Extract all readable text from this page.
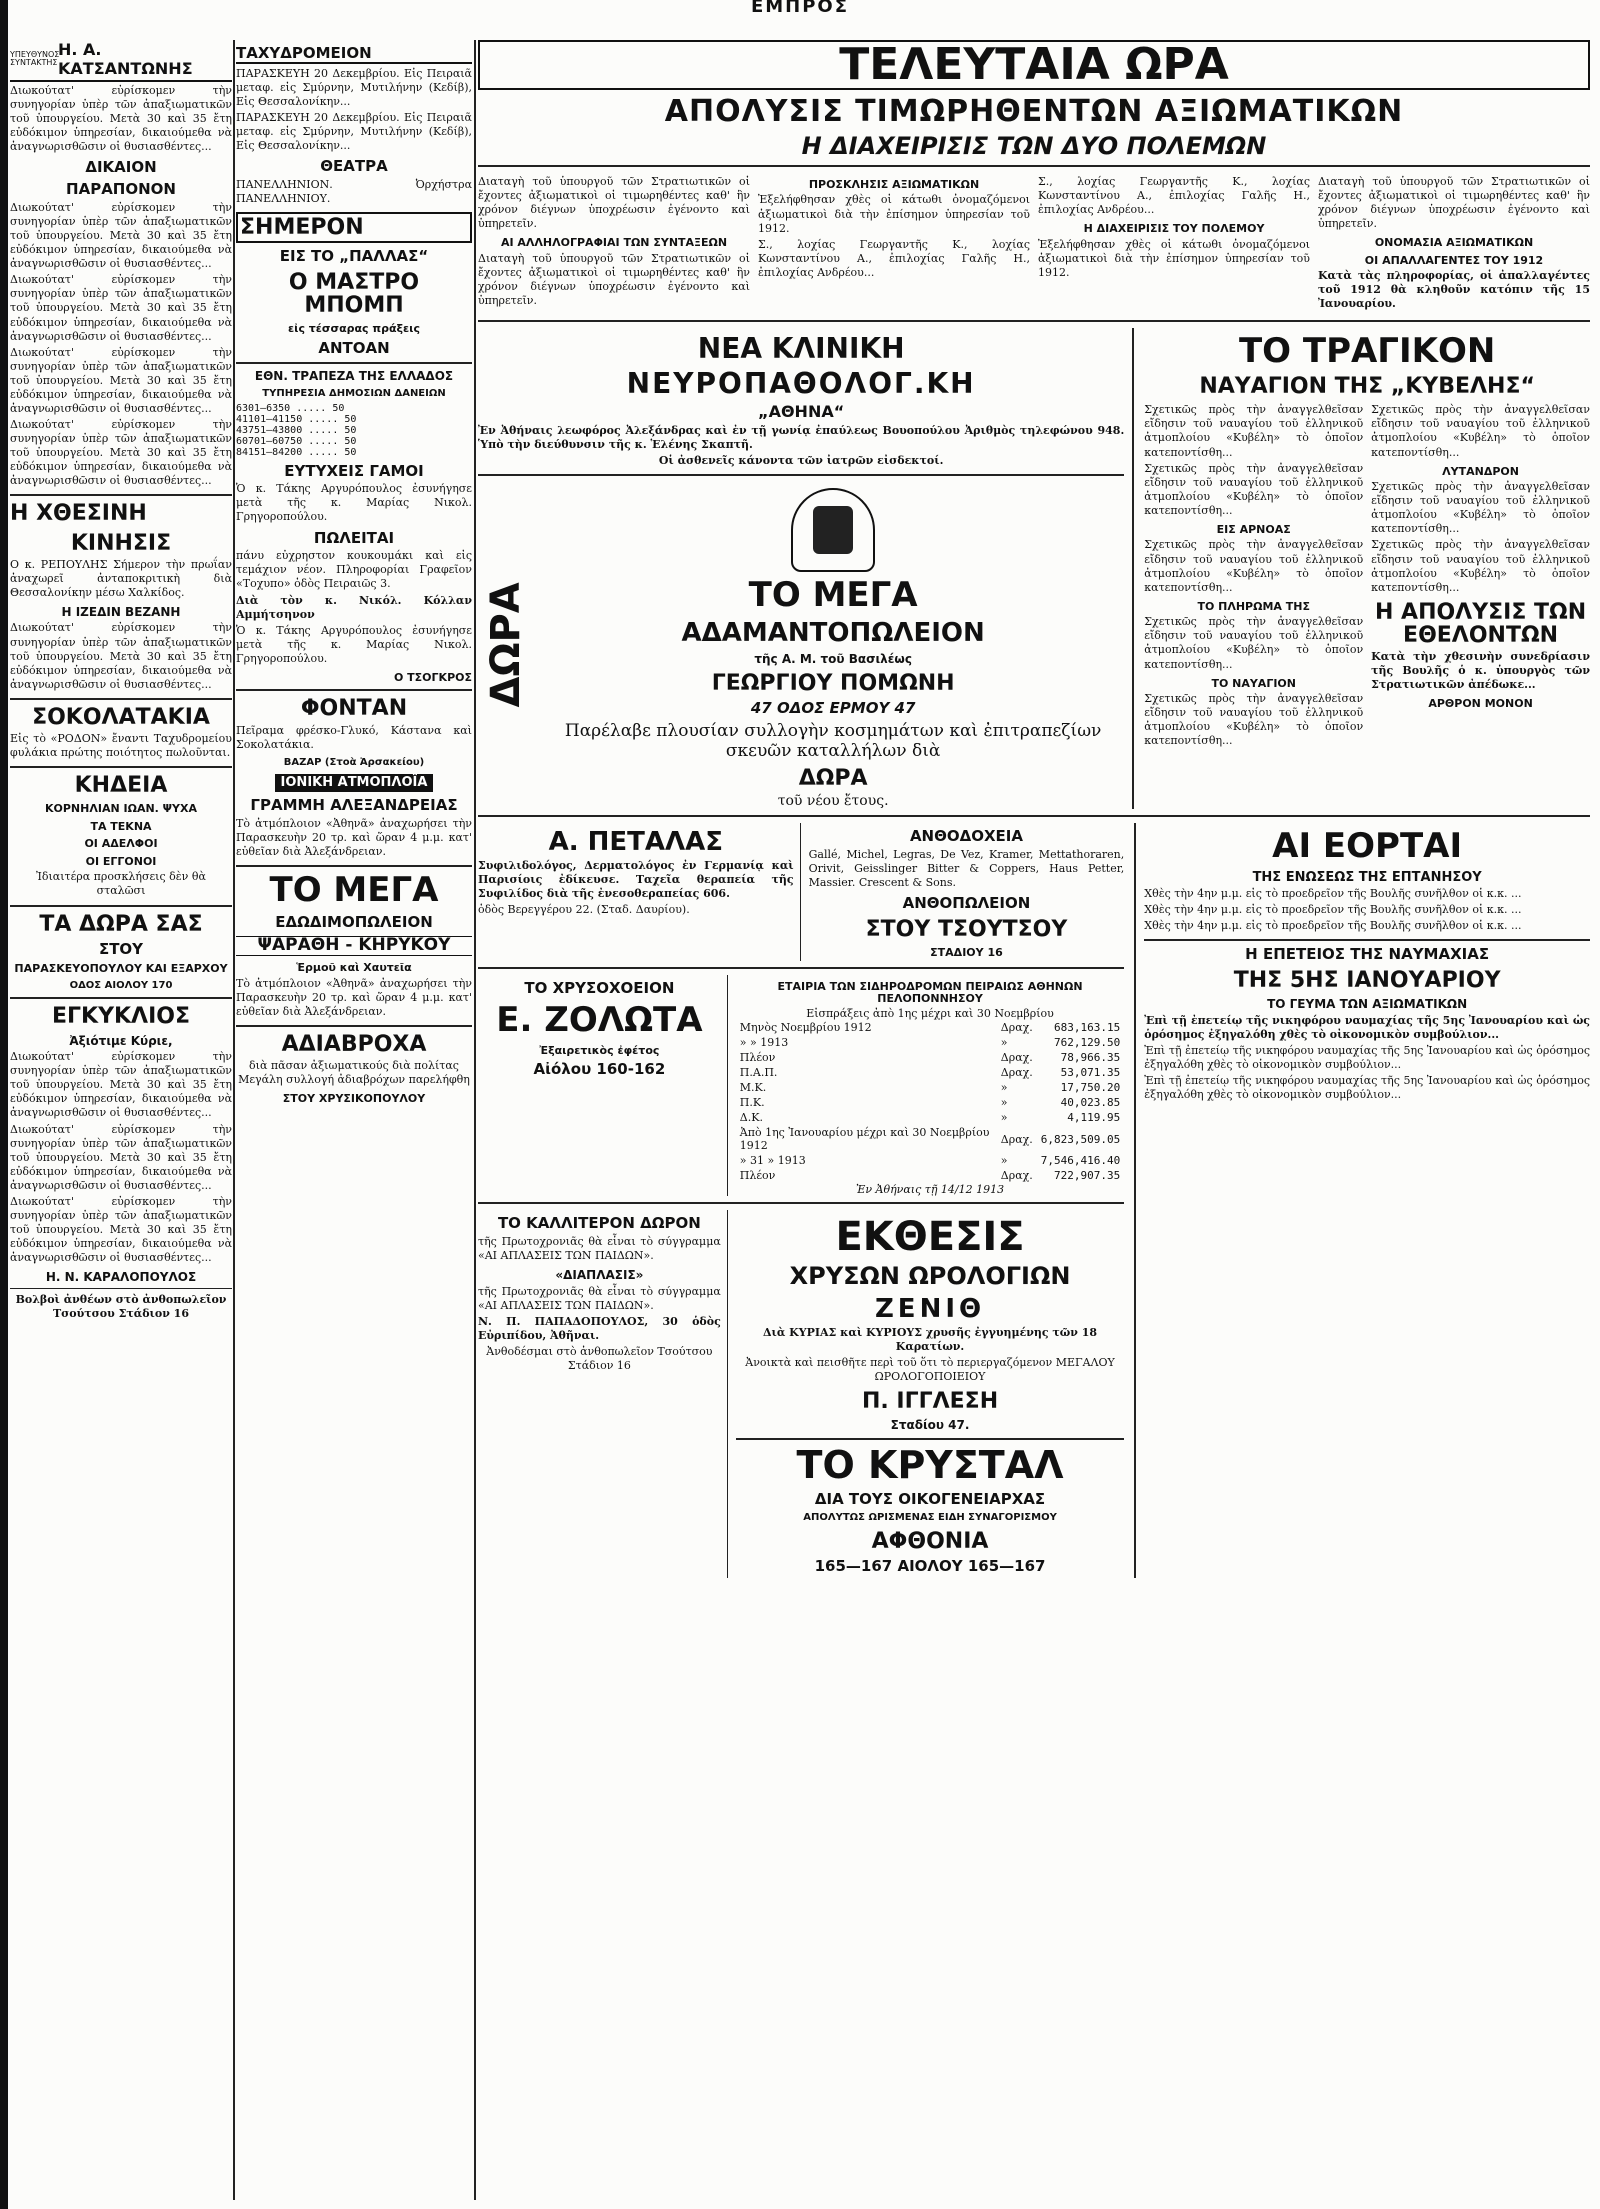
ΕΜΠΡΟΣ
ΥΠΕΥΘΥΝΟΣ ΣΥΝΤΑΚΤΗΣ
Η. Α. ΚΑΤΣΑΝΤΩΝΗΣ

Διωκούτατ' εὐρίσκομεν τὴν συνηγορίαν ὑπὲρ τῶν ἀπαξιωματικῶν τοῦ ὑπουργείου. Μετὰ 30 καὶ 35 ἔτη εὐδόκιμον ὑπηρεσίαν, δικαιούμεθα νὰ ἀναγνωρισθῶσιν οἱ θυσιασθέντες...

ΔΙΚΑΙΟΝ
ΠΑΡΑΠΟΝΟΝ

Διωκούτατ' εὐρίσκομεν τὴν συνηγορίαν ὑπὲρ τῶν ἀπαξιωματικῶν τοῦ ὑπουργείου. Μετὰ 30 καὶ 35 ἔτη εὐδόκιμον ὑπηρεσίαν, δικαιούμεθα νὰ ἀναγνωρισθῶσιν οἱ θυσιασθέντες...

Διωκούτατ' εὐρίσκομεν τὴν συνηγορίαν ὑπὲρ τῶν ἀπαξιωματικῶν τοῦ ὑπουργείου. Μετὰ 30 καὶ 35 ἔτη εὐδόκιμον ὑπηρεσίαν, δικαιούμεθα νὰ ἀναγνωρισθῶσιν οἱ θυσιασθέντες...

Διωκούτατ' εὐρίσκομεν τὴν συνηγορίαν ὑπὲρ τῶν ἀπαξιωματικῶν τοῦ ὑπουργείου. Μετὰ 30 καὶ 35 ἔτη εὐδόκιμον ὑπηρεσίαν, δικαιούμεθα νὰ ἀναγνωρισθῶσιν οἱ θυσιασθέντες...

Διωκούτατ' εὐρίσκομεν τὴν συνηγορίαν ὑπὲρ τῶν ἀπαξιωματικῶν τοῦ ὑπουργείου. Μετὰ 30 καὶ 35 ἔτη εὐδόκιμον ὑπηρεσίαν, δικαιούμεθα νὰ ἀναγνωρισθῶσιν οἱ θυσιασθέντες...

Η ΧΘΕΣΙΝΗ
ΚΙΝΗΣΙΣ

Ο κ. ΡΕΠΟΥΛΗΣ Σήμερον τὴν πρωΐαν ἀναχωρεῖ ἀνταποκριτικὴ διὰ Θεσσαλονίκην μέσω Χαλκίδος.

Η ΙΖΕΔΙΝ ΒΕΖΑΝΗ

Διωκούτατ' εὐρίσκομεν τὴν συνηγορίαν ὑπὲρ τῶν ἀπαξιωματικῶν τοῦ ὑπουργείου. Μετὰ 30 καὶ 35 ἔτη εὐδόκιμον ὑπηρεσίαν, δικαιούμεθα νὰ ἀναγνωρισθῶσιν οἱ θυσιασθέντες...

ΣΟΚΟΛΑΤΑΚΙΑ

Εἰς τὸ «ΡΟΔΟΝ» ἔναντι Ταχυδρομείου φυλάκια πρώτης ποιότητος πωλοῦνται.

ΚΗΔΕΙΑ
ΚΟΡΝΗΛΙΑΝ ΙΩΑΝ. ΨΥΧΑ
ΤΑ ΤΕΚΝΑ
ΟΙ ΑΔΕΛΦΟΙ
ΟΙ ΕΓΓΟΝΟΙ

Ἰδιαιτέρα προσκλήσεις δὲν θὰ σταλῶσι

ΤΑ ΔΩΡΑ ΣΑΣ
ΣΤΟΥ
ΠΑΡΑΣΚΕΥΟΠΟΥΛΟΥ ΚΑΙ ΕΞΑΡΧΟΥ
ΟΔΟΣ ΑΙΟΛΟΥ 170
ΕΓΚΥΚΛΙΟΣ
Ἀξιότιμε Κύριε,

Διωκούτατ' εὐρίσκομεν τὴν συνηγορίαν ὑπὲρ τῶν ἀπαξιωματικῶν τοῦ ὑπουργείου. Μετὰ 30 καὶ 35 ἔτη εὐδόκιμον ὑπηρεσίαν, δικαιούμεθα νὰ ἀναγνωρισθῶσιν οἱ θυσιασθέντες...

Διωκούτατ' εὐρίσκομεν τὴν συνηγορίαν ὑπὲρ τῶν ἀπαξιωματικῶν τοῦ ὑπουργείου. Μετὰ 30 καὶ 35 ἔτη εὐδόκιμον ὑπηρεσίαν, δικαιούμεθα νὰ ἀναγνωρισθῶσιν οἱ θυσιασθέντες...

Διωκούτατ' εὐρίσκομεν τὴν συνηγορίαν ὑπὲρ τῶν ἀπαξιωματικῶν τοῦ ὑπουργείου. Μετὰ 30 καὶ 35 ἔτη εὐδόκιμον ὑπηρεσίαν, δικαιούμεθα νὰ ἀναγνωρισθῶσιν οἱ θυσιασθέντες...

Η. Ν. ΚΑΡΑΛΟΠΟΥΛΟΣ

Βολβοὶ ἀνθέων στὸ ἀνθοπωλεῖον Τσούτσου Στάδιον 16

ΤΑΧΥΔΡΟΜΕΙΟΝ

ΠΑΡΑΣΚΕΥΗ 20 Δεκεμβρίου. Εἰς Πειραιᾶ μεταφ. εἰς Σμύρνην, Μυτιλήνην (Κεδίβ), Εἰς Θεσσαλονίκην...

ΠΑΡΑΣΚΕΥΗ 20 Δεκεμβρίου. Εἰς Πειραιᾶ μεταφ. εἰς Σμύρνην, Μυτιλήνην (Κεδίβ), Εἰς Θεσσαλονίκην...

ΘΕΑΤΡΑ

ΠΑΝΕΛΛΗΝΙΟΝ. Ὀρχήστρα ΠΑΝΕΛΛΗΝΙΟΥ.

ΣΗΜΕΡΟΝ
ΕΙΣ ΤΟ „ΠΑΛΛΑΣ“
Ο ΜΑΣΤΡΟ ΜΠΟΜΠ
εἰς τέσσαρας πράξεις
ΑΝΤΟΑΝ
ΕΘΝ. ΤΡΑΠΕΖΑ ΤΗΣ ΕΛΛΑΔΟΣ
ΤΥΠΗΡΕΣΙΑ ΔΗΜΟΣΙΩΝ ΔΑΝΕΙΩΝ
6301—6350 ..... 50
41101—41150 ..... 50
43751—43800 ..... 50
60701—60750 ..... 50
84151—84200 ..... 50
ΕΥΤΥΧΕΙΣ ΓΑΜΟΙ

Ὁ κ. Τάκης Αργυρόπουλος ἐσυνήγησε μετὰ τῆς κ. Μαρίας Νικολ. Γρηγοροπούλου.

ΠΩΛΕΙΤΑΙ

πάνυ εὐχρηστον κουκουμάκι καὶ εἰς τεμάχιον νέον. Πληροφορίαι Γραφεῖον «Τοχυπο» ὁδὸς Πειραιῶς 3.

Διὰ τὸν κ. Νικόλ. Κόλλαν Αμμήτσηνον

Ὁ κ. Τάκης Αργυρόπουλος ἐσυνήγησε μετὰ τῆς κ. Μαρίας Νικολ. Γρηγοροπούλου.

Ο ΤΣΟΓΚΡΟΣ
ΦΟΝΤΑΝ

Πεῖραμα φρέσκο-Γλυκό, Κάστανα καὶ Σοκολατάκια.

ΒΑΖΑΡ (Στοὰ Ἀρσακείου)
ΙΟΝΙΚΗ ΑΤΜΟΠΛΟΪΑ
ΓΡΑΜΜΗ ΑΛΕΞΑΝΔΡΕΙΑΣ

Τὸ ἀτμόπλοιον «Ἀθηνᾶ» ἀναχωρήσει τὴν Παρασκευὴν 20 τρ. καὶ ὥραν 4 μ.μ. κατ' εὐθεῖαν διὰ Ἀλεξάνδρειαν.

ΤΟ ΜΕΓΑ
ΕΔΩΔΙΜΟΠΩΛΕΙΟΝ
ΨΑΡΑΘΗ - ΚΗΡΥΚΟΥ
Ἑρμοῦ καὶ Χαυτεῖα

Τὸ ἀτμόπλοιον «Ἀθηνᾶ» ἀναχωρήσει τὴν Παρασκευὴν 20 τρ. καὶ ὥραν 4 μ.μ. κατ' εὐθεῖαν διὰ Ἀλεξάνδρειαν.

ΑΔΙΑΒΡΟΧΑ

διὰ πᾶσαν ἀξιωματικούς διὰ πολίτας Μεγάλη συλλογή ἀδιαβρόχων παρελήφθη

ΣΤΟΥ ΧΡΥΣΙΚΟΠΟΥΛΟΥ
ΤΕΛΕΥΤΑΙΑ ΩΡΑ
ΑΠΟΛΥΣΙΣ ΤΙΜΩΡΗΘΕΝΤΩΝ ΑΞΙΩΜΑΤΙΚΩΝ
Η ΔΙΑΧΕΙΡΙΣΙΣ ΤΩΝ ΔΥΟ ΠΟΛΕΜΩΝ

Διαταγὴ τοῦ ὑπουργοῦ τῶν Στρατιωτικῶν οἱ ἔχοντες ἀξιωματικοὶ οἱ τιμωρηθέντες καθ' ἣν χρόνον διέγνων ὑποχρέωσιν ἐγένοντο καὶ ὑπηρετεῖν.

ΑΙ ΑΛΛΗΛΟΓΡΑΦΙΑΙ ΤΩΝ ΣΥΝΤΑΞΕΩΝ

Διαταγὴ τοῦ ὑπουργοῦ τῶν Στρατιωτικῶν οἱ ἔχοντες ἀξιωματικοὶ οἱ τιμωρηθέντες καθ' ἣν χρόνον διέγνων ὑποχρέωσιν ἐγένοντο καὶ ὑπηρετεῖν.

ΠΡΟΣΚΛΗΣΙΣ ΑΞΙΩΜΑΤΙΚΩΝ

Ἐξελήφθησαν χθὲς οἱ κάτωθι ὀνομαζόμενοι ἀξιωματικοὶ διὰ τὴν ἐπίσημον ὑπηρεσίαν τοῦ 1912.

Σ., λοχίας Γεωργαντῆς Κ., λοχίας Κωνσταντίνου Α., ἐπιλοχίας Γαλῆς Η., ἐπιλοχίας Ανδρέου...

Σ., λοχίας Γεωργαντῆς Κ., λοχίας Κωνσταντίνου Α., ἐπιλοχίας Γαλῆς Η., ἐπιλοχίας Ανδρέου...

Η ΔΙΑΧΕΙΡΙΣΙΣ ΤΟΥ ΠΟΛΕΜΟΥ

Ἐξελήφθησαν χθὲς οἱ κάτωθι ὀνομαζόμενοι ἀξιωματικοὶ διὰ τὴν ἐπίσημον ὑπηρεσίαν τοῦ 1912.

Διαταγὴ τοῦ ὑπουργοῦ τῶν Στρατιωτικῶν οἱ ἔχοντες ἀξιωματικοὶ οἱ τιμωρηθέντες καθ' ἣν χρόνον διέγνων ὑποχρέωσιν ἐγένοντο καὶ ὑπηρετεῖν.

ΟΝΟΜΑΣΙΑ ΑΞΙΩΜΑΤΙΚΩΝ
ΟΙ ΑΠΑΛΛΑΓΕΝΤΕΣ ΤΟΥ 1912

Κατὰ τὰς πληροφορίας, οἱ ἀπαλλαγέντες τοῦ 1912 θὰ κληθοῦν κατόπιν τῆς 15 Ἰανουαρίου.

ΝΕΑ ΚΛΙΝΙΚΗ
ΝΕΥΡΟΠΑΘΟΛΟΓ.ΚΗ
„ΑΘΗΝΑ“

Ἐν Ἀθήναις λεωφόρος Ἀλεξάνδρας καὶ ἐν τῇ γωνίᾳ ἐπαύλεως Βουοπούλου Ἀριθμὸς τηλεφώνου 948. Ὑπὸ τὴν διεύθυνσιν τῆς κ. Ἑλένης Σκαπτῆ.

Οἱ ἀσθενεῖς κάνοντα τῶν ἰατρῶν εἰσδεκτοί.

ΔΩΡΑ	ΤΟ ΜΕΓΑ
ΑΔΑΜΑΝΤΟΠΩΛΕΙΟΝ
τῆς Α. Μ. τοῦ Βασιλέως
ΓΕΩΡΓΙΟΥ ΠΟΜΩΝΗ
47 ΟΔΟΣ ΕΡΜΟΥ 47

Παρέλαβε πλουσίαν συλλογὴν κοσμημάτων καὶ ἐπιτραπεζίων σκευῶν καταλλήλων διὰ

ΔΩΡΑ
τοῦ νέου ἔτους.
ΤΟ ΤΡΑΓΙΚΟΝ
ΝΑΥΑΓΙΟΝ ΤΗΣ „ΚΥΒΕΛΗΣ“

Σχετικῶς πρὸς τὴν ἀναγγελθεῖσαν εἴδησιν τοῦ ναυαγίου τοῦ ἐλληνικοῦ ἀτμοπλοίου «Κυβέλη» τὸ ὁποῖον κατεποντίσθη...

Σχετικῶς πρὸς τὴν ἀναγγελθεῖσαν εἴδησιν τοῦ ναυαγίου τοῦ ἐλληνικοῦ ἀτμοπλοίου «Κυβέλη» τὸ ὁποῖον κατεποντίσθη...

ΕΙΣ ΑΡΝΟΑΣ

Σχετικῶς πρὸς τὴν ἀναγγελθεῖσαν εἴδησιν τοῦ ναυαγίου τοῦ ἐλληνικοῦ ἀτμοπλοίου «Κυβέλη» τὸ ὁποῖον κατεποντίσθη...

ΤΟ ΠΛΗΡΩΜΑ ΤΗΣ

Σχετικῶς πρὸς τὴν ἀναγγελθεῖσαν εἴδησιν τοῦ ναυαγίου τοῦ ἐλληνικοῦ ἀτμοπλοίου «Κυβέλη» τὸ ὁποῖον κατεποντίσθη...

ΤΟ ΝΑΥΑΓΙΟΝ

Σχετικῶς πρὸς τὴν ἀναγγελθεῖσαν εἴδησιν τοῦ ναυαγίου τοῦ ἐλληνικοῦ ἀτμοπλοίου «Κυβέλη» τὸ ὁποῖον κατεποντίσθη...

Σχετικῶς πρὸς τὴν ἀναγγελθεῖσαν εἴδησιν τοῦ ναυαγίου τοῦ ἐλληνικοῦ ἀτμοπλοίου «Κυβέλη» τὸ ὁποῖον κατεποντίσθη...

ΛΥΤΑΝΔΡΟΝ

Σχετικῶς πρὸς τὴν ἀναγγελθεῖσαν εἴδησιν τοῦ ναυαγίου τοῦ ἐλληνικοῦ ἀτμοπλοίου «Κυβέλη» τὸ ὁποῖον κατεποντίσθη...

Σχετικῶς πρὸς τὴν ἀναγγελθεῖσαν εἴδησιν τοῦ ναυαγίου τοῦ ἐλληνικοῦ ἀτμοπλοίου «Κυβέλη» τὸ ὁποῖον κατεποντίσθη...

Η ΑΠΟΛΥΣΙΣ ΤΩΝ ΕΘΕΛΟΝΤΩΝ

Κατὰ τὴν χθεσινὴν συνεδρίασιν τῆς Βουλῆς ὁ κ. ὑπουργὸς τῶν Στρατιωτικῶν ἀπέδωκε...

ΑΡΘΡΟΝ ΜΟΝΟΝ
Α. ΠΕΤΑΛΑΣ

Συφιλιδολόγος, Δερματολόγος ἐν Γερμανίᾳ καὶ Παρισίοις ἐδίκευσε. Ταχεῖα θεραπεία τῆς Συφιλίδος διὰ τῆς ἐνεσοθεραπείας 606.

ὁδὸς Βερεγγέρου 22. (Σταδ. Δαυρίου).

ΑΝΘΟΔΟΧΕΙΑ

Gallé, Michel, Legras, De Vez, Kramer, Mettathoraren, Orivit, Geisslinger Bitter & Coppers, Haus Petter, Massier. Crescent & Sons.

ΑΝΘΟΠΩΛΕΙΟΝ
ΣΤΟΥ ΤΣΟΥΤΣΟΥ
ΣΤΑΔΙΟΥ 16
ΤΟ ΧΡΥΣΟΧΟΕΙΟΝ
Ε. ΖΟΛΩΤΑ
Ἐξαιρετικὸς ἐφέτος
Αἰόλου 160-162
ΕΤΑΙΡΙΑ ΤΩΝ ΣΙΔΗΡΟΔΡΟΜΩΝ ΠΕΙΡΑΙΩΣ ΑΘΗΝΩΝ ΠΕΛΟΠΟΝΝΗΣΟΥ
Εἰσπράξεις ἀπὸ 1ης μέχρι καὶ 30 Νοεμβρίου
Μηνὸς Νοεμβρίου 1912	Δραχ.	683,163.15
» » 1913	»	762,129.50
Πλέον	Δραχ.	78,966.35
Π.Α.Π.	Δραχ.	53,071.35
Μ.Κ.	»	17,750.20
Π.Κ.	»	40,023.85
Δ.Κ.	»	4,119.95
Ἀπὸ 1ης Ἰανουαρίου μέχρι καὶ 30 Νοεμβρίου 1912	Δραχ.	6,823,509.05
» 31 » 1913	»	7,546,416.40
Πλέον	Δραχ.	722,907.35
Ἐν Ἀθήναις τῇ 14/12 1913
ΤΟ ΚΑΛΛΙΤΕΡΟΝ ΔΩΡΟΝ

τῆς Πρωτοχρονιᾶς θὰ εἶναι τὸ σύγγραμμα «ΑΙ ΑΠΛΑΣΕΙΣ ΤΩΝ ΠΑΙΔΩΝ».

«ΔΙΑΠΛΑΣΙΣ»

τῆς Πρωτοχρονιᾶς θὰ εἶναι τὸ σύγγραμμα «ΑΙ ΑΠΛΑΣΕΙΣ ΤΩΝ ΠΑΙΔΩΝ».

Ν. Π. ΠΑΠΑΔΟΠΟΥΛΟΣ, 30 ὁδὸς Εὐριπίδου, Ἀθῆναι.

Ἀνθοδέσμαι στὸ ἀνθοπωλεῖον Τσούτσου Στάδιον 16

ΕΚΘΕΣΙΣ
ΧΡΥΣΩΝ ΩΡΟΛΟΓΙΩΝ
ΖΕΝΙΘ

Διὰ ΚΥΡΙΑΣ καὶ ΚΥΡΙΟΥΣ χρυσῆς ἐγγυημένης τῶν 18 Καρατίων.

Ἀνοικτὰ καὶ πεισθῆτε περὶ τοῦ ὅτι τὸ περιεργαζόμενον ΜΕΓΑΛΟΥ ΩΡΟΛΟΓΟΠΟΙΕΙΟΥ

Π. ΙΓΓΛΕΣΗ
Σταδίου 47.
ΤΟ ΚΡΥΣΤΑΛ
ΔΙΑ ΤΟΥΣ ΟΙΚΟΓΕΝΕΙΑΡΧΑΣ
ΑΠΟΛΥΤΩΣ ΩΡΙΣΜΕΝΑΣ ΕΙΔΗ ΣΥΝΑΓΟΡΙΣΜΟΥ
ΑΦΘΟΝΙΑ
165—167 ΑΙΟΛΟΥ 165—167
ΑΙ ΕΟΡΤΑΙ
ΤΗΣ ΕΝΩΣΕΩΣ ΤΗΣ ΕΠΤΑΝΗΣΟΥ

Χθὲς τὴν 4ην μ.μ. εἰς τὸ προεδρεῖον τῆς Βουλῆς συνῆλθον οἱ κ.κ. ...

Χθὲς τὴν 4ην μ.μ. εἰς τὸ προεδρεῖον τῆς Βουλῆς συνῆλθον οἱ κ.κ. ...

Χθὲς τὴν 4ην μ.μ. εἰς τὸ προεδρεῖον τῆς Βουλῆς συνῆλθον οἱ κ.κ. ...

Η ΕΠΕΤΕΙΟΣ ΤΗΣ ΝΑΥΜΑΧΙΑΣ
ΤΗΣ 5ΗΣ ΙΑΝΟΥΑΡΙΟΥ
ΤΟ ΓΕΥΜΑ ΤΩΝ ΑΞΙΩΜΑΤΙΚΩΝ

Ἐπὶ τῇ ἐπετείῳ τῆς νικηφόρου ναυμαχίας τῆς 5ης Ἰανουαρίου καὶ ὡς ὁρόσημος ἐξηγαλόθη χθὲς τὸ οἰκονομικὸν συμβούλιον...

Ἐπὶ τῇ ἐπετείῳ τῆς νικηφόρου ναυμαχίας τῆς 5ης Ἰανουαρίου καὶ ὡς ὁρόσημος ἐξηγαλόθη χθὲς τὸ οἰκονομικὸν συμβούλιον...

Ἐπὶ τῇ ἐπετείῳ τῆς νικηφόρου ναυμαχίας τῆς 5ης Ἰανουαρίου καὶ ὡς ὁρόσημος ἐξηγαλόθη χθὲς τὸ οἰκονομικὸν συμβούλιον...
